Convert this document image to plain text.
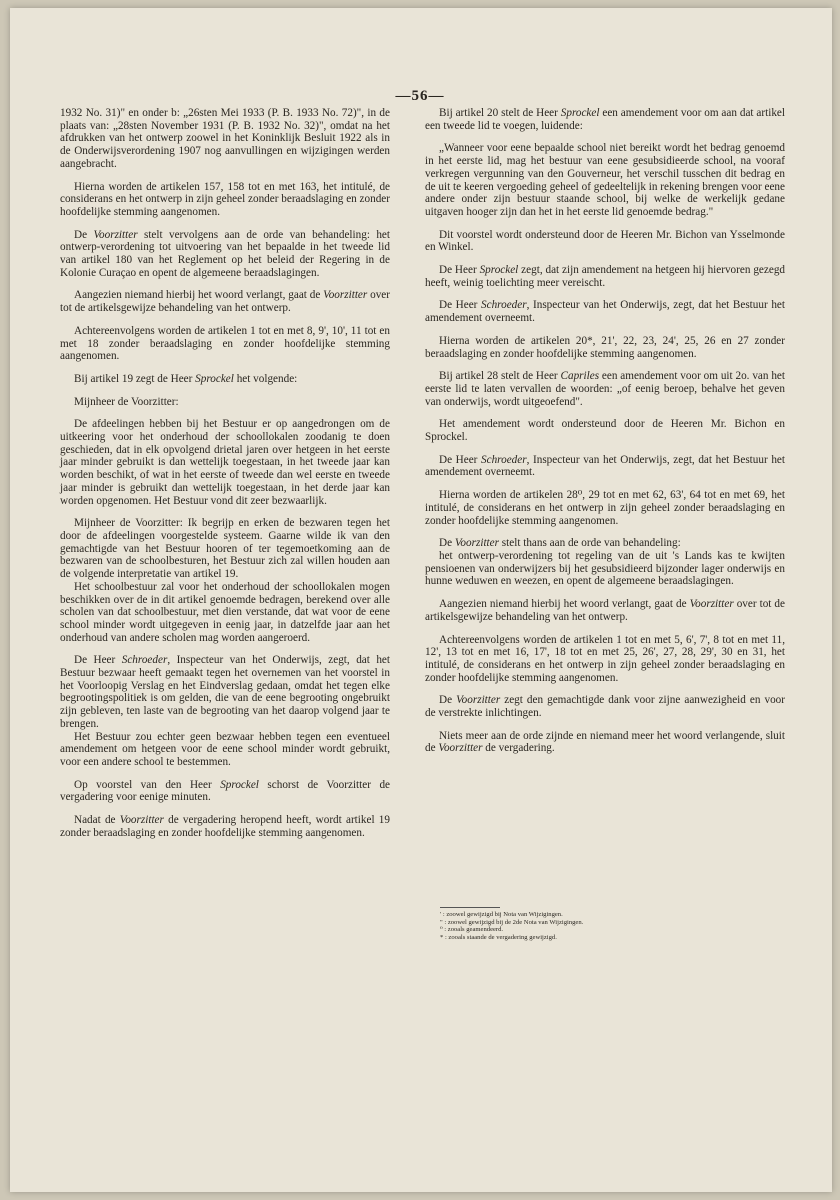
—56—

1932 No. 31)" en onder b: „26sten Mei 1933 (P. B. 1933 No. 72)", in de plaats van: „28sten November 1931 (P. B. 1932 No. 32)", omdat na het afdrukken van het ontwerp zoowel in het Koninklijk Besluit 1922 als in de Onderwijsverordening 1907 nog aanvullingen en wijzigingen werden aangebracht.

Hierna worden de artikelen 157, 158 tot en met 163, het intitulé, de considerans en het ontwerp in zijn geheel zonder beraadslaging en zonder hoofdelijke stemming aangenomen.

De Voorzitter stelt vervolgens aan de orde van behandeling: het ontwerp-verordening tot uitvoering van het bepaalde in het tweede lid van artikel 180 van het Reglement op het beleid der Regering in de Kolonie Curaçao en opent de algemeene beraadslagingen.

Aangezien niemand hierbij het woord verlangt, gaat de Voorzitter over tot de artikelsgewijze behandeling van het ontwerp.

Achtereenvolgens worden de artikelen 1 tot en met 8, 9', 10', 11 tot en met 18 zonder beraadslaging en zonder hoofdelijke stemming aangenomen.

Bij artikel 19 zegt de Heer Sprockel het volgende:

Mijnheer de Voorzitter:

De afdeelingen hebben bij het Bestuur er op aangedrongen om de uitkeering voor het onderhoud der schoollokalen zoodanig te doen geschieden, dat in elk opvolgend drietal jaren over hetgeen in het eerste jaar minder gebruikt is dan wettelijk toegestaan, in het tweede jaar kan worden beschikt, of wat in het eerste of tweede dan wel eerste en tweede jaar minder is gebruikt dan wettelijk toegestaan, in het derde jaar kan worden opgenomen. Het Bestuur vond dit zeer bezwaarlijk.

Mijnheer de Voorzitter: Ik begrijp en erken de bezwaren tegen het door de afdeelingen voorgestelde systeem. Gaarne wilde ik van den gemachtigde van het Bestuur hooren of ter tegemoetkoming aan de bezwaren van de schoolbesturen, het Bestuur zich zal willen houden aan de volgende interpretatie van artikel 19.

Het schoolbestuur zal voor het onderhoud der schoollokalen mogen beschikken over de in dit artikel genoemde bedragen, berekend over alle scholen van dat schoolbestuur, met dien verstande, dat wat voor de eene school minder wordt uitgegeven in eenig jaar, in datzelfde jaar aan het onderhoud van andere scholen mag worden aangeroerd.

De Heer Schroeder, Inspecteur van het Onderwijs, zegt, dat het Bestuur bezwaar heeft gemaakt tegen het overnemen van het voorstel in het Voorloopig Verslag en het Eindverslag gedaan, omdat het tegen elke begrootingspolitiek is om gelden, die van de eene begrooting ongebruikt zijn gebleven, ten laste van de begrooting van het daarop volgend jaar te brengen.

Het Bestuur zou echter geen bezwaar hebben tegen een eventueel amendement om hetgeen voor de eene school minder wordt gebruikt, voor een andere school te bestemmen.

Op voorstel van den Heer Sprockel schorst de Voorzitter de vergadering voor eenige minuten.

Nadat de Voorzitter de vergadering heropend heeft, wordt artikel 19 zonder beraadslaging en zonder hoofdelijke stemming aangenomen.

Bij artikel 20 stelt de Heer Sprockel een amendement voor om aan dat artikel een tweede lid te voegen, luidende:

„Wanneer voor eene bepaalde school niet bereikt wordt het bedrag genoemd in het eerste lid, mag het bestuur van eene gesubsidieerde school, na vooraf verkregen vergunning van den Gouverneur, het verschil tusschen dit bedrag en de uit te keeren vergoeding geheel of gedeeltelijk in rekening brengen voor eene andere onder zijn bestuur staande school, bij welke de werkelijk gedane uitgaven hooger zijn dan het in het eerste lid genoemde bedrag."

Dit voorstel wordt ondersteund door de Heeren Mr. Bichon van Ysselmonde en Winkel.

De Heer Sprockel zegt, dat zijn amendement na hetgeen hij hiervoren gezegd heeft, weinig toelichting meer vereischt.

De Heer Schroeder, Inspecteur van het Onderwijs, zegt, dat het Bestuur het amendement overneemt.

Hierna worden de artikelen 20*, 21', 22, 23, 24', 25, 26 en 27 zonder beraadslaging en zonder hoofdelijke stemming aangenomen.

Bij artikel 28 stelt de Heer Capriles een amendement voor om uit 2o. van het eerste lid te laten vervallen de woorden: „of eenig beroep, behalve het geven van onderwijs, wordt uitgeoefend".

Het amendement wordt ondersteund door de Heeren Mr. Bichon en Sprockel.

De Heer Schroeder, Inspecteur van het Onderwijs, zegt, dat het Bestuur het amendement overneemt.

Hierna worden de artikelen 28⁰, 29 tot en met 62, 63', 64 tot en met 69, het intitulé, de considerans en het ontwerp in zijn geheel zonder beraadslaging en zonder hoofdelijke stemming aangenomen.

De Voorzitter stelt thans aan de orde van behandeling:

het ontwerp-verordening tot regeling van de uit 's Lands kas te kwijten pensioenen van onderwijzers bij het gesubsidieerd bijzonder lager onderwijs en hunne weduwen en weezen, en opent de algemeene beraadslagingen.

Aangezien niemand hierbij het woord verlangt, gaat de Voorzitter over tot de artikelsgewijze behandeling van het ontwerp.

Achtereenvolgens worden de artikelen 1 tot en met 5, 6', 7', 8 tot en met 11, 12', 13 tot en met 16, 17', 18 tot en met 25, 26', 27, 28, 29', 30 en 31, het intitulé, de considerans en het ontwerp in zijn geheel zonder beraadslaging en zonder hoofdelijke stemming aangenomen.

De Voorzitter zegt den gemachtigde dank voor zijne aanwezigheid en voor de verstrekte inlichtingen.

Niets meer aan de orde zijnde en niemand meer het woord verlangende, sluit de Voorzitter de vergadering.

' : zoowel gewijzigd bij Nota van Wijzigingen.
" : zoowel gewijzigd bij de 2de Nota van Wijzigingen.
⁰ : zooals geamendeerd.
* : zooals staande de vergadering gewijzigd.
